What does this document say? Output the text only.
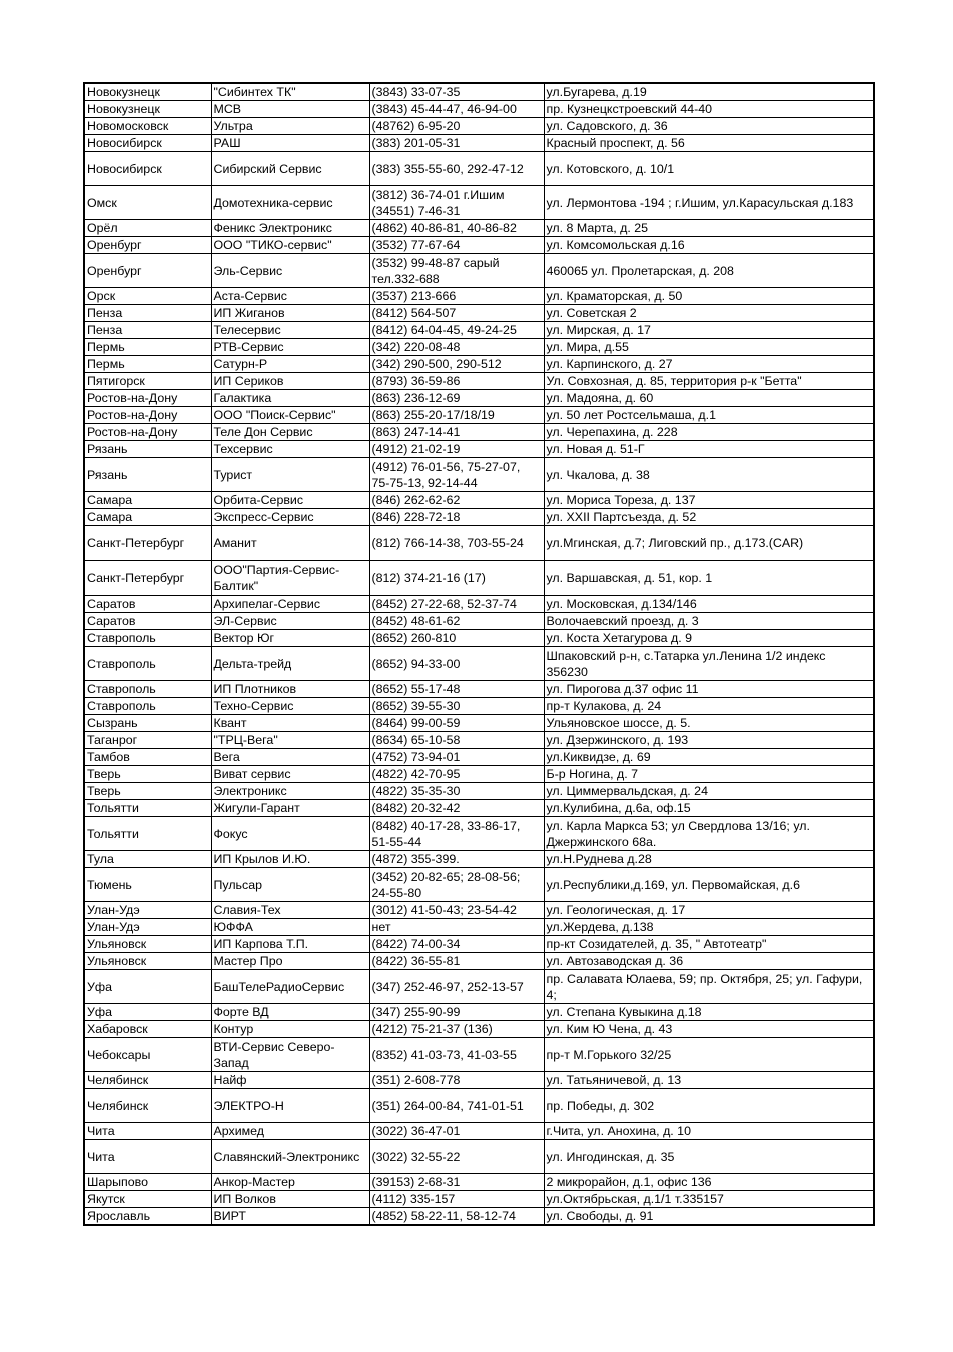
Новокузнецк	"Сибинтех ТК"	(3843) 33-07-35	ул.Бугарева, д.19
Новокузнецк	МСВ	(3843) 45-44-47, 46-94-00	пр. Кузнецкстроевский 44-40
Новомосковск	Ультра	(48762) 6-95-20	ул. Садовского, д. 36
Новосибирск	РАШ	(383) 201-05-31	Красный проспект, д. 56
Новосибирск	Сибирский Сервис	(383) 355-55-60, 292-47-12	ул. Котовского, д. 10/1
Омск	Домотехника-сервис	(3812) 36-74-01 г.Ишим (34551) 7-46-31	ул. Лермонтова -194 ; г.Ишим, ул.Карасульская д.183
Орёл	Феникс Электроникс	(4862) 40-86-81, 40-86-82	ул. 8 Марта, д. 25
Оренбург	ООО "ТИКО-сервис"	(3532) 77-67-64	ул. Комсомольская д.16
Оренбург	Эль-Сервис	(3532) 99-48-87 сарый тел.332-688	460065 ул. Пролетарская, д. 208
Орск	Аста-Сервис	(3537) 213-666	ул. Краматорская, д. 50
Пенза	ИП Жиганов	(8412) 564-507	ул. Советская 2
Пенза	Телесервис	(8412) 64-04-45, 49-24-25	ул. Мирская, д. 17
Пермь	РТВ-Сервис	(342) 220-08-48	ул. Мира, д.55
Пермь	Сатурн-Р	(342) 290-500, 290-512	ул. Карпинского, д. 27
Пятигорск	ИП Сериков	(8793) 36-59-86	Ул. Совхозная, д. 85, территория р-к "Бетта"
Ростов-на-Дону	Галактика	(863) 236-12-69	ул. Мадояна, д. 60
Ростов-на-Дону	ООО "Поиск-Сервис"	(863) 255-20-17/18/19	ул. 50 лет Ростсельмаша, д.1
Ростов-на-Дону	Теле Дон Сервис	(863) 247-14-41	ул. Черепахина, д. 228
Рязань	Техсервис	(4912) 21-02-19	ул. Новая д. 51-Г
Рязань	Турист	(4912) 76-01-56, 75-27-07, 75-75-13, 92-14-44	ул. Чкалова, д. 38
Самара	Орбита-Сервис	(846) 262-62-62	ул. Мориса Тореза, д. 137
Самара	Экспресс-Сервис	(846) 228-72-18	ул. XXII Партсъезда, д. 52
Санкт-Петербург	Аманит	(812) 766-14-38, 703-55-24	ул.Мгинская, д.7; Лиговский пр., д.173.(CAR)
Санкт-Петербург	ООО"Партия-Сервис-Балтик"	(812) 374-21-16 (17)	ул. Варшавская, д. 51, кор. 1
Саратов	Архипелаг-Сервис	(8452) 27-22-68, 52-37-74	ул. Московская, д.134/146
Саратов	ЭЛ-Сервис	(8452) 48-61-62	Волочаевский проезд, д. 3
Ставрополь	Вектор Юг	(8652) 260-810	ул. Коста Хетагурова д. 9
Ставрополь	Дельта-трейд	(8652) 94-33-00	Шпаковский р-н, с.Татарка ул.Ленина 1/2 индекс 356230
Ставрополь	ИП Плотников	(8652) 55-17-48	ул. Пирогова д.37 офис 11
Ставрополь	Техно-Сервис	(8652) 39-55-30	пр-т Кулакова, д. 24
Сызрань	Квант	(8464) 99-00-59	Ульяновское шоссе, д. 5.
Таганрог	"ТРЦ-Вега"	(8634) 65-10-58	ул. Дзержинского, д. 193
Тамбов	Вега	(4752) 73-94-01	ул.Киквидзе, д. 69
Тверь	Виват сервис	(4822) 42-70-95	Б-р Ногина, д. 7
Тверь	Электроникс	(4822) 35-35-30	ул. Циммервальдская, д. 24
Тольятти	Жигули-Гарант	(8482) 20-32-42	ул.Кулибина, д.6а, оф.15
Тольятти	Фокус	(8482) 40-17-28, 33-86-17, 51-55-44	ул. Карла Маркса 53; ул Свердлова 13/16; ул. Джержинского 68а.
Тула	ИП Крылов И.Ю.	(4872) 355-399.	ул.Н.Руднева д.28
Тюмень	Пульсар	(3452) 20-82-65; 28-08-56; 24-55-80	ул.Республики,д.169, ул. Первомайская, д.6
Улан-Удэ	Славия-Тех	(3012) 41-50-43; 23-54-42	ул. Геологическая, д. 17
Улан-Удэ	ЮФФА	нет	ул.Жердева, д.138
Ульяновск	ИП Карпова Т.П.	(8422) 74-00-34	пр-кт Созидателей, д. 35, " Автотеатр"
Ульяновск	Мастер Про	(8422) 36-55-81	ул. Автозаводская д. 36
Уфа	БашТелеРадиоСервис	(347) 252-46-97, 252-13-57	пр. Салавата Юлаева, 59; пр. Октября, 25; ул. Гафури, 4;
Уфа	Форте ВД	(347) 255-90-99	ул. Степана Кувыкина д.18
Хабаровск	Контур	(4212) 75-21-37 (136)	ул. Ким Ю Чена, д. 43
Чебоксары	ВТИ-Сервис Северо-Запад	(8352) 41-03-73, 41-03-55	пр-т М.Горького 32/25
Челябинск	Найф	(351) 2-608-778	ул. Татьяничевой, д. 13
Челябинск	ЭЛЕКТРО-Н	(351) 264-00-84, 741-01-51	пр. Победы, д. 302
Чита	Архимед	(3022) 36-47-01	г.Чита, ул. Анохина, д. 10
Чита	Славянский-Электроникс	(3022) 32-55-22	ул. Ингодинская, д. 35
Шарыпово	Анкор-Мастер	(39153) 2-68-31	2 микрорайон, д.1, офис 136
Якутск	ИП Волков	(4112) 335-157	ул.Октябрьская, д.1/1 т.335157
Ярославль	ВИРТ	(4852) 58-22-11, 58-12-74	ул. Свободы, д. 91
